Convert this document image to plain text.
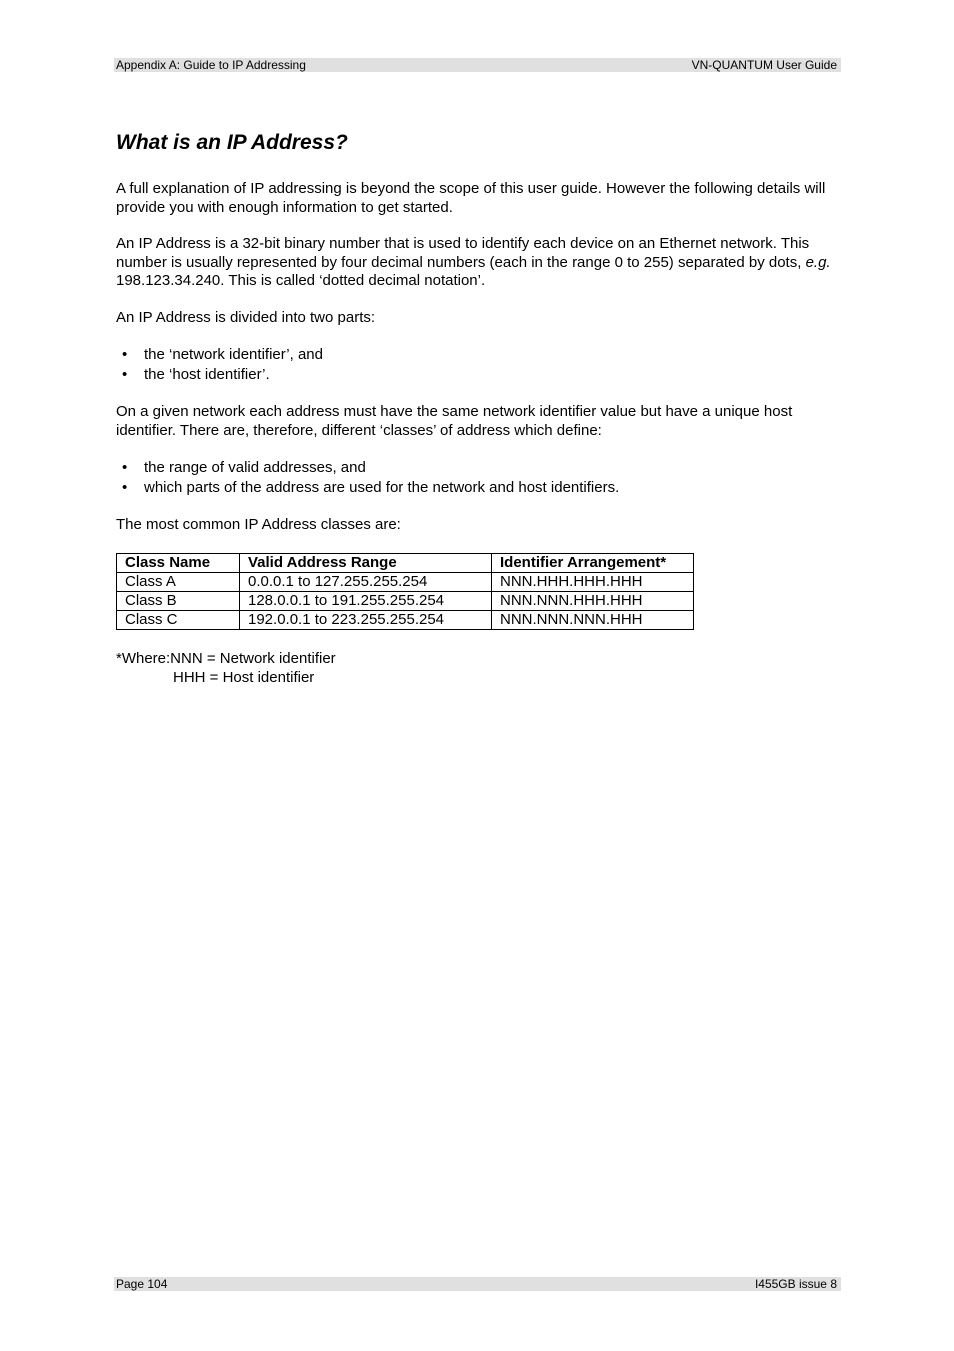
Appendix A: Guide to IP Addressing	VN-QUANTUM User Guide
What is an IP Address?

A full explanation of IP addressing is beyond the scope of this user guide. However the following details will provide you with enough information to get started.

An IP Address is a 32-bit binary number that is used to identify each device on an Ethernet network. This number is usually represented by four decimal numbers (each in the range 0 to 255) separated by dots, e.g. 198.123.34.240. This is called ‘dotted decimal notation’.

An IP Address is divided into two parts:

• the ‘network identifier’, and
• the ‘host identifier’.

On a given network each address must have the same network identifier value but have a unique host identifier. There are, therefore, different ‘classes’ of address which define:

• the range of valid addresses, and
• which parts of the address are used for the network and host identifiers.

The most common IP Address classes are:

Class Name	Valid Address Range	Identifier Arrangement*
Class A	0.0.0.1 to 127.255.255.254	NNN.HHH.HHH.HHH
Class B	128.0.0.1 to 191.255.255.254	NNN.NNN.HHH.HHH
Class C	192.0.0.1 to 223.255.255.254	NNN.NNN.NNN.HHH
*Where:NNN = Network identifier
HHH = Host identifier
Page 104	I455GB issue 8
